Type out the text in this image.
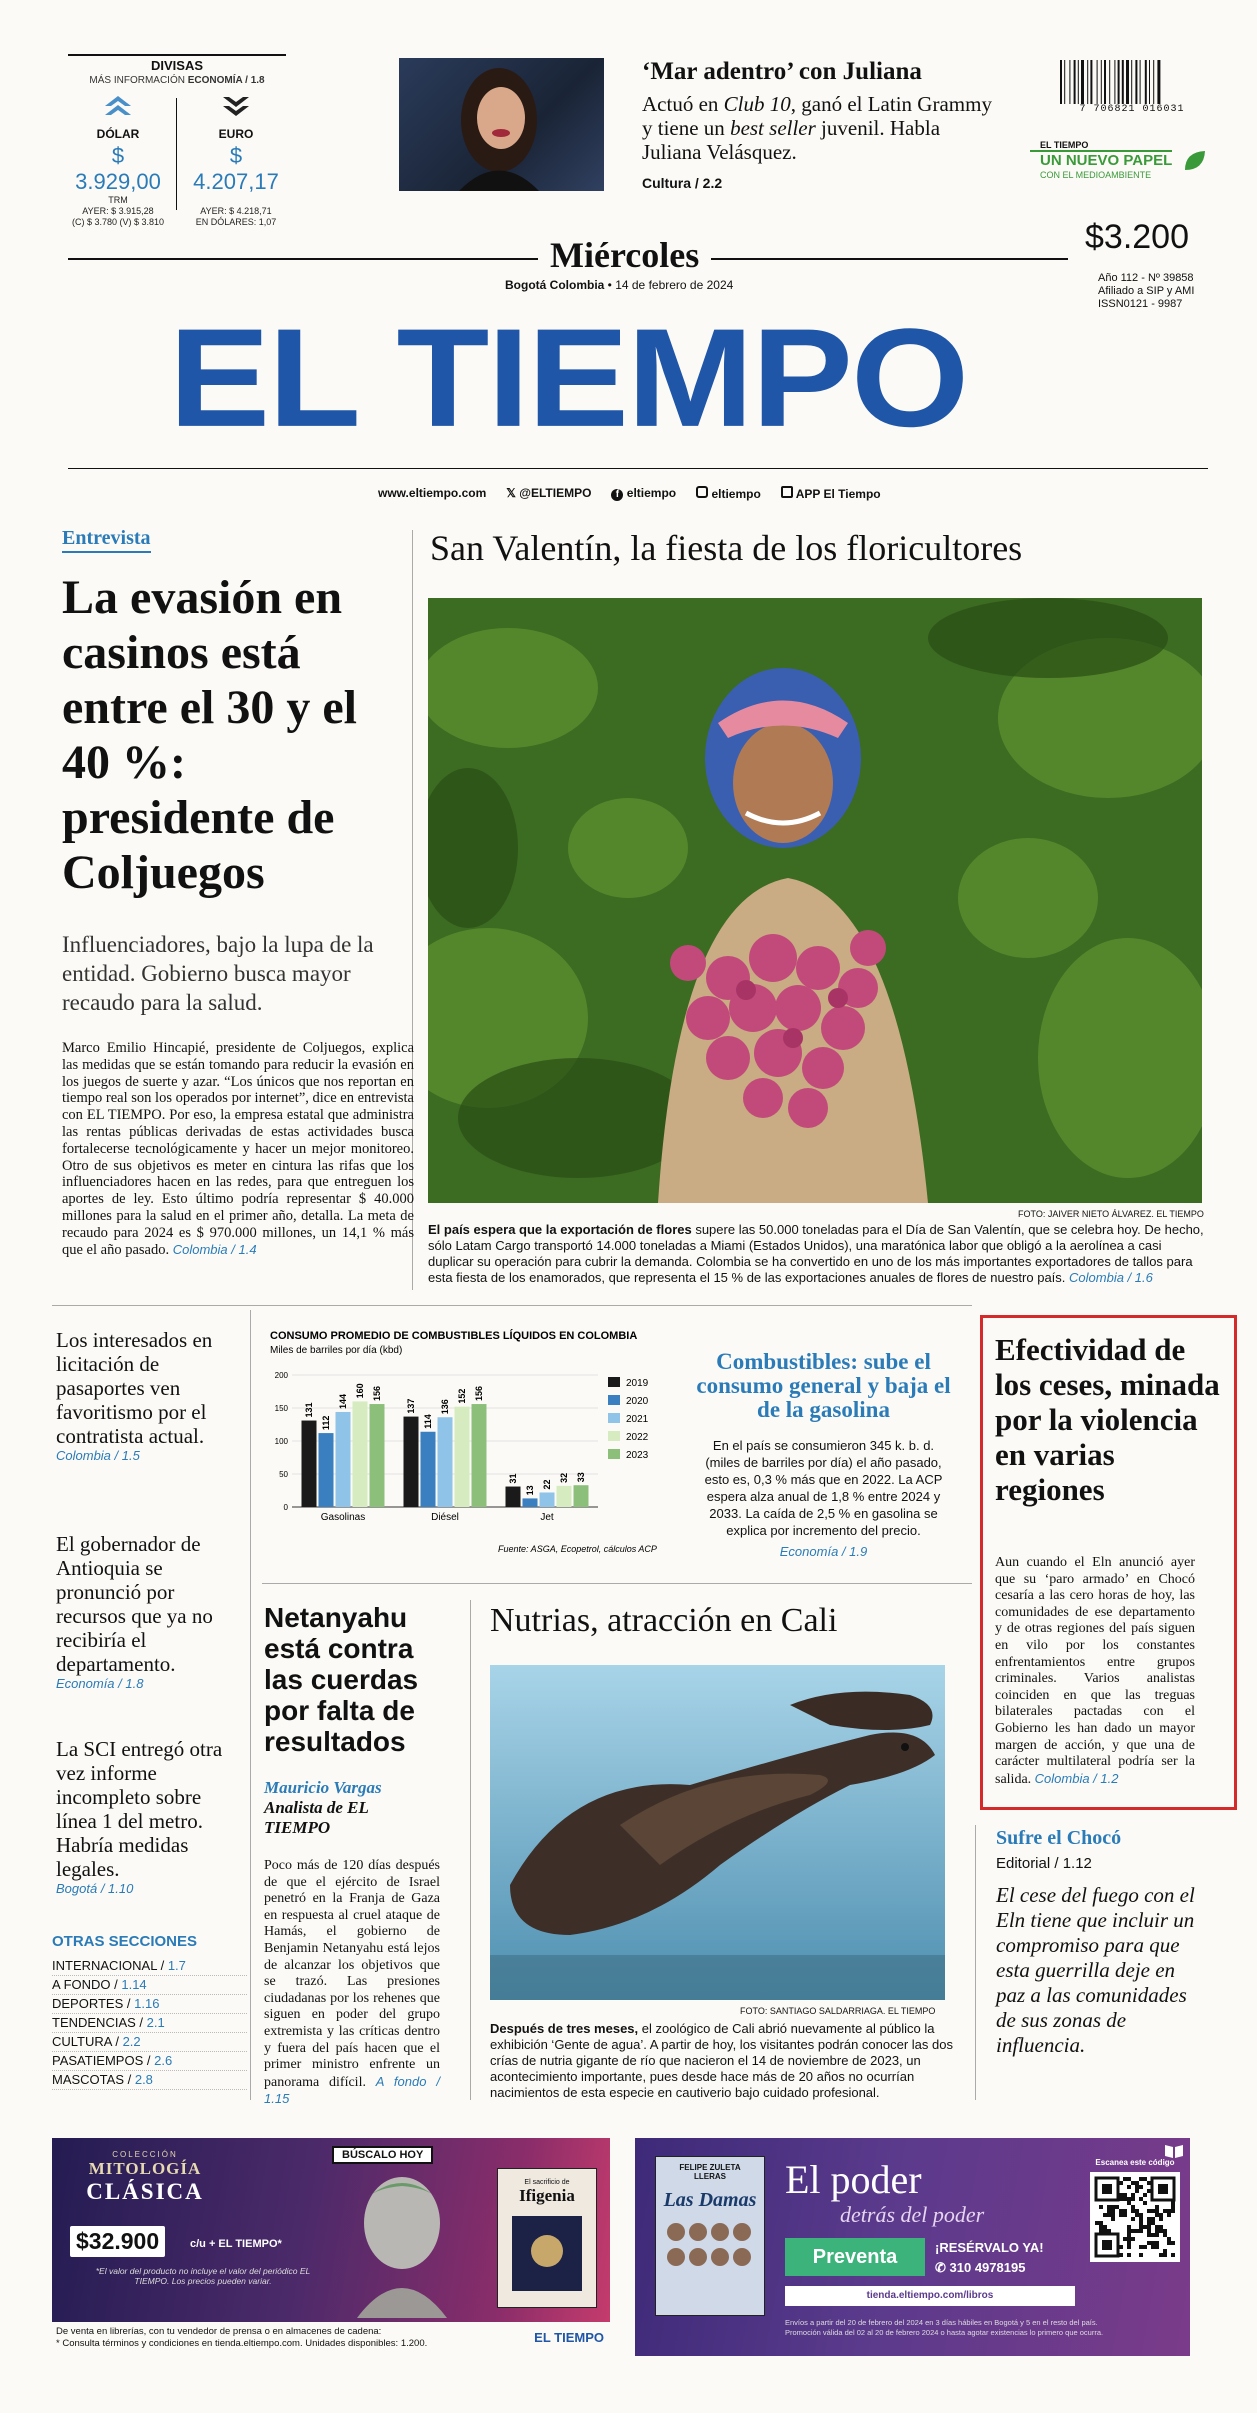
DIVISAS
MÁS INFORMACIÓN ECONOMÍA / 1.8
DÓLAR
$ 3.929,00
TRM
AYER: $ 3.915,28
(C) $ 3.780 (V) $ 3.810
EURO
$ 4.207,17
AYER: $ 4.218,71
EN DÓLARES: 1,07
‘Mar adentro’ con Juliana
Actuó en Club 10, ganó el Latin Grammy y tiene un best seller juvenil. Habla Juliana Velásquez.
Cultura / 2.2
7 706821 016031
EL TIEMPO
UN NUEVO PAPEL
CON EL MEDIOAMBIENTE
Miércoles
Bogotá Colombia • 14 de febrero de 2024
$3.200
Año 112 - Nº 39858
Afiliado a SIP y AMI
ISSN0121 - 9987
EL TIEMPO
www.eltiempo.com 𝕏 @ELTIEMPO	f eltiempo	eltiempo	APP El Tiempo
Entrevista
La evasión en casinos está entre el 30 y el 40 %: presidente de Coljuegos
Influenciadores, bajo la lupa de la entidad. Gobierno busca mayor recaudo para la salud.
Marco Emilio Hincapié, presidente de Coljuegos, explica las medidas que se están tomando para reducir la evasión en los juegos de suerte y azar. “Los únicos que nos reportan en tiempo real son los operados por internet”, dice en entrevista con EL TIEMPO. Por eso, la empresa estatal que administra las rentas públicas derivadas de estas actividades busca fortalecerse tecnológicamente y hacer un mejor monitoreo. Otro de sus objetivos es meter en cintura las rifas que los influenciadores hacen en las redes, para que entreguen los aportes de ley. Esto último podría representar $ 40.000 millones para la salud en el primer año, detalla. La meta de recaudo para 2024 es $ 970.000 millones, un 14,1 % más que el año pasado. Colombia / 1.4
San Valentín, la fiesta de los floricultores
FOTO: JAIVER NIETO ÁLVAREZ. EL TIEMPO
El país espera que la exportación de flores supere las 50.000 toneladas para el Día de San Valentín, que se celebra hoy. De hecho, sólo Latam Cargo transportó 14.000 toneladas a Miami (Estados Unidos), una maratónica labor que obligó a la aerolínea a casi duplicar su operación para cubrir la demanda. Colombia se ha convertido en uno de los más importantes exportadores de tallos para esta fiesta de los enamorados, que representa el 15 % de las exportaciones anuales de flores de nuestro país. Colombia / 1.6
Los interesados en licitación de pasaportes ven favoritismo por el contratista actual.
Colombia / 1.5
El gobernador de Antioquia se pronunció por recursos que ya no recibiría el departamento.
Economía / 1.8
La SCI entregó otra vez informe incompleto sobre línea 1 del metro. Habría medidas legales.
Bogotá / 1.10
OTRAS SECCIONES
INTERNACIONAL / 1.7
A FONDO / 1.14
DEPORTES / 1.16
TENDENCIAS / 2.1
CULTURA / 2.2
PASATIEMPOS / 2.6
MASCOTAS / 2.8
CONSUMO PROMEDIO DE COMBUSTIBLES LÍQUIDOS EN COLOMBIA
Miles de barriles por día (kbd)
0
50
100
150
200
131
112
144
160 156
Gasolinas
137
114
136
152 156
Diésel
31
13
22
32 33
Jet
2019
2020
2021
2022
2023
Fuente: ASGA, Ecopetrol, cálculos ACP
Combustibles: sube el consumo general y baja el de la gasolina
En el país se consumieron 345 k. b. d. (miles de barriles por día) el año pasado, esto es, 0,3 % más que en 2022. La ACP espera alza anual de 1,8 % entre 2024 y 2033. La caída de 2,5 % en gasolina se explica por incremento del precio.
Economía / 1.9
Netanyahu está contra las cuerdas por falta de resultados
Mauricio Vargas
Analista de EL TIEMPO
Poco más de 120 días después de que el ejército de Israel penetró en la Franja de Gaza en respuesta al cruel ataque de Hamás, el gobierno de Benjamin Netanyahu está lejos de alcanzar los objetivos que se trazó. Las presiones ciudadanas por los rehenes que siguen en poder del grupo extremista y las críticas dentro y fuera del país hacen que el primer ministro enfrente un panorama difícil. A fondo / 1.15
Nutrias, atracción en Cali
FOTO: SANTIAGO SALDARRIAGA. EL TIEMPO
Después de tres meses, el zoológico de Cali abrió nuevamente al público la exhibición ‘Gente de agua’. A partir de hoy, los visitantes podrán conocer las dos crías de nutria gigante de río que nacieron el 14 de noviembre de 2023, un acontecimiento importante, pues desde hace más de 20 años no ocurrían nacimientos de esta especie en cautiverio bajo cuidado profesional.
Efectividad de los ceses, minada por la violencia en varias regiones
Aun cuando el Eln anunció ayer que su ‘paro armado’ en Chocó cesaría a las cero horas de hoy, las comunidades de ese departamento y de otras regiones del país siguen en vilo por los constantes enfrentamientos entre grupos criminales. Varios analistas coinciden en que las treguas bilaterales pactadas con el Gobierno les han dado un mayor margen de acción, y que una de carácter multilateral podría ser la salida. Colombia / 1.2
Sufre el Chocó
Editorial / 1.12
El cese del fuego con el Eln tiene que incluir un compromiso para que esta guerrilla deje en paz a las comunidades de sus zonas de influencia.
COLECCIÓN
MITOLOGÍA
CLÁSICA
$32.900	c/u + EL TIEMPO*
*El valor del producto no incluye el valor del periódico EL TIEMPO. Los precios pueden variar.
BÚSCALO HOY
El sacrificio de
Ifigenia
De venta en librerías, con tu vendedor de prensa o en almacenes de cadena:
* Consulta términos y condiciones en tienda.eltiempo.com. Unidades disponibles: 1.200.	EL TIEMPO
FELIPE ZULETA LLERAS
Las Damas El poder
detrás del poder
Preventa	¡RESÉRVALO YA!
✆ 310 4978195
tienda.eltiempo.com/libros
Escanea este código
Envíos a partir del 20 de febrero del 2024 en 3 días hábiles en Bogotá y 5 en el resto del país.
Promoción válida del 02 al 20 de febrero 2024 o hasta agotar existencias lo primero que ocurra.
